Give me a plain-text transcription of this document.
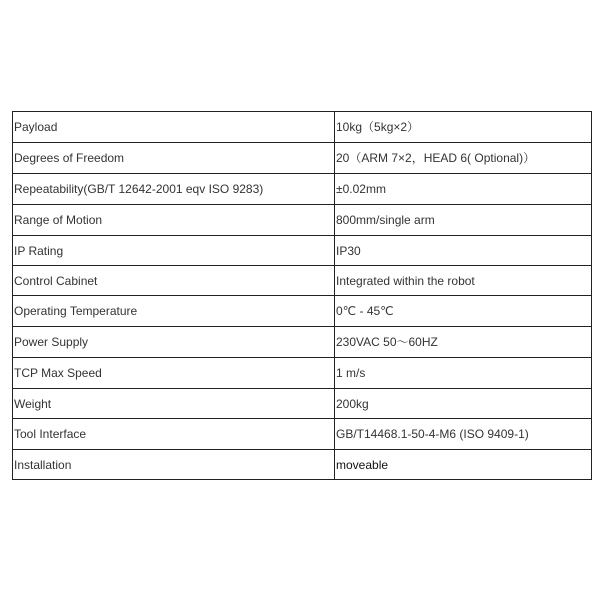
Payload	10kg（5kg×2）
Degrees of Freedom	20（ARM 7×2，HEAD 6( Optional)）
Repeatability(GB/T 12642-2001 eqv ISO 9283)	±0.02mm
Range of Motion	800mm/single arm
IP Rating	IP30
Control Cabinet	Integrated within the robot
Operating Temperature	0℃ - 45℃
Power Supply	230VAC 50～60HZ
TCP Max Speed	1 m/s
Weight	200kg
Tool Interface	GB/T14468.1-50-4-M6 (ISO 9409-1)
Installation	moveable
